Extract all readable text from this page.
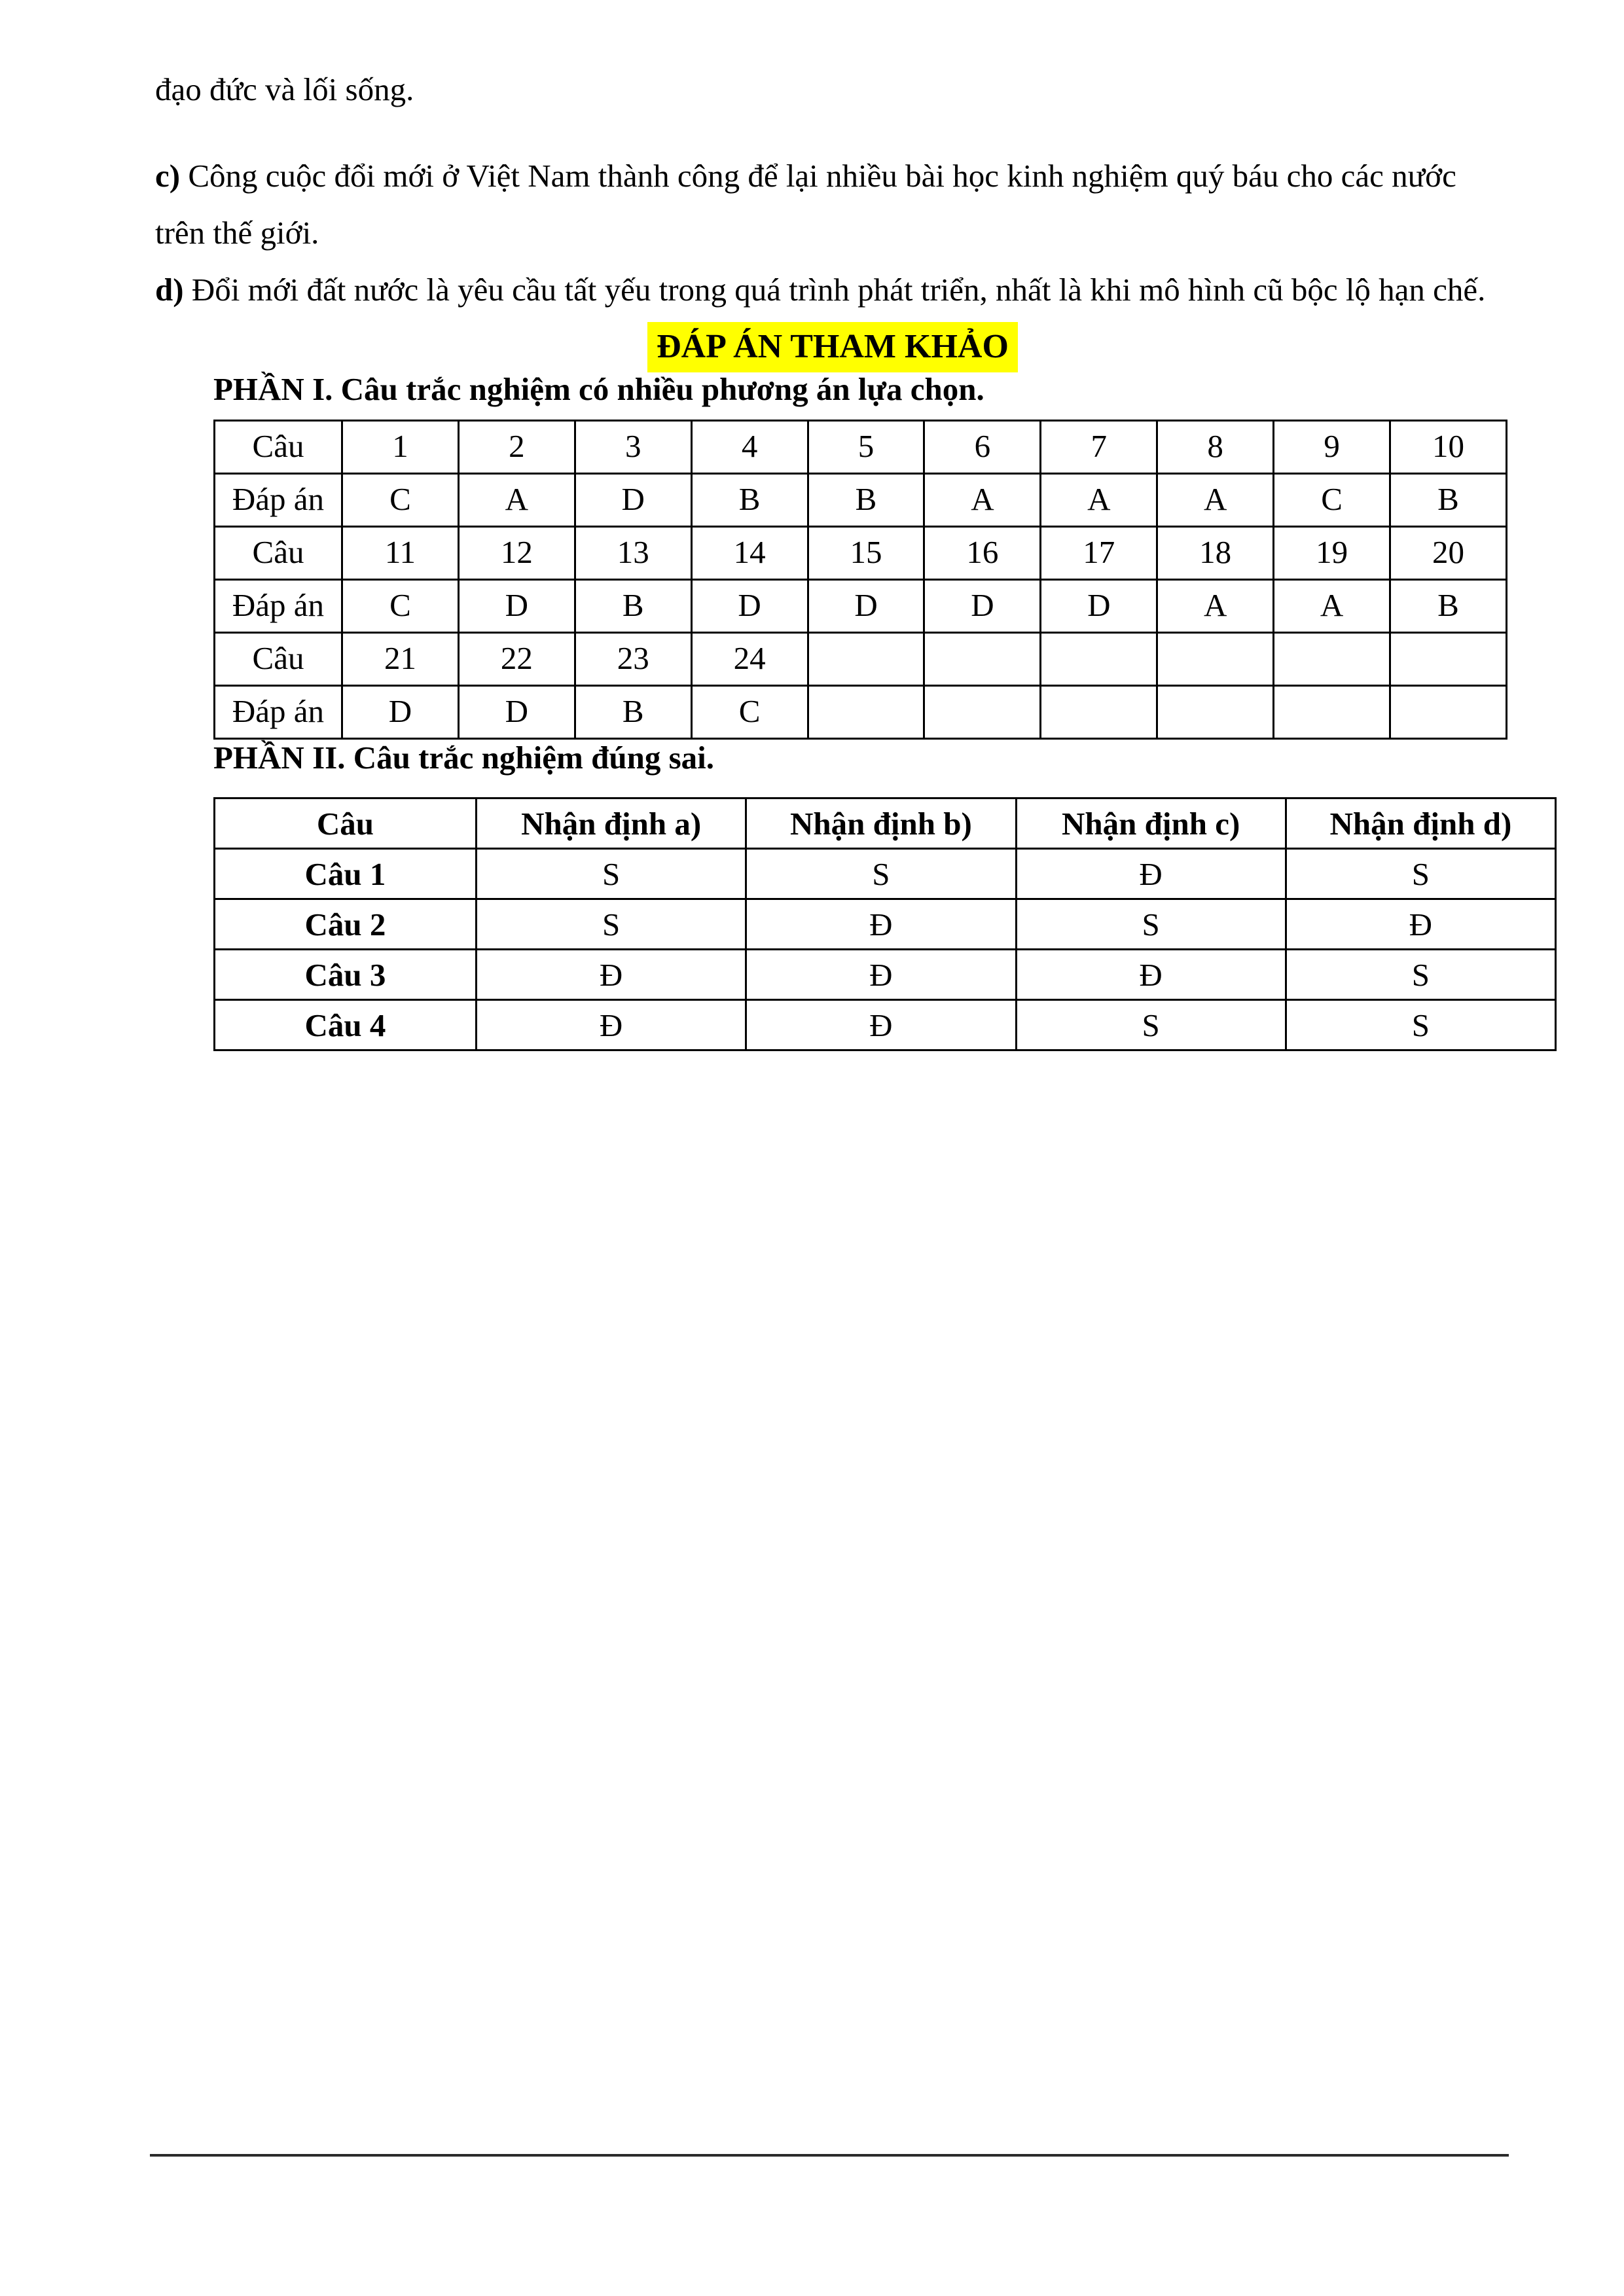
đạo đức và lối sống.

c) Công cuộc đổi mới ở Việt Nam thành công để lại nhiều bài học kinh nghiệm quý báu cho các nước trên thế giới.

d) Đổi mới đất nước là yêu cầu tất yếu trong quá trình phát triển, nhất là khi mô hình cũ bộc lộ hạn chế.

ĐÁP ÁN THAM KHẢO
PHẦN I. Câu trắc nghiệm có nhiều phương án lựa chọn.
Câu	1	2	3	4	5	6	7	8	9	10
Đáp án	C	A	D	B	B	A	A	A	C	B
Câu	11	12	13	14	15	16	17	18	19	20
Đáp án	C	D	B	D	D	D	D	A	A	B
Câu	21	22	23	24						
Đáp án	D	D	B	C						
PHẦN II. Câu trắc nghiệm đúng sai.
Câu	Nhận định a)	Nhận định b)	Nhận định c)	Nhận định d)
Câu 1	S	S	Đ	S
Câu 2	S	Đ	S	Đ
Câu 3	Đ	Đ	Đ	S
Câu 4	Đ	Đ	S	S
